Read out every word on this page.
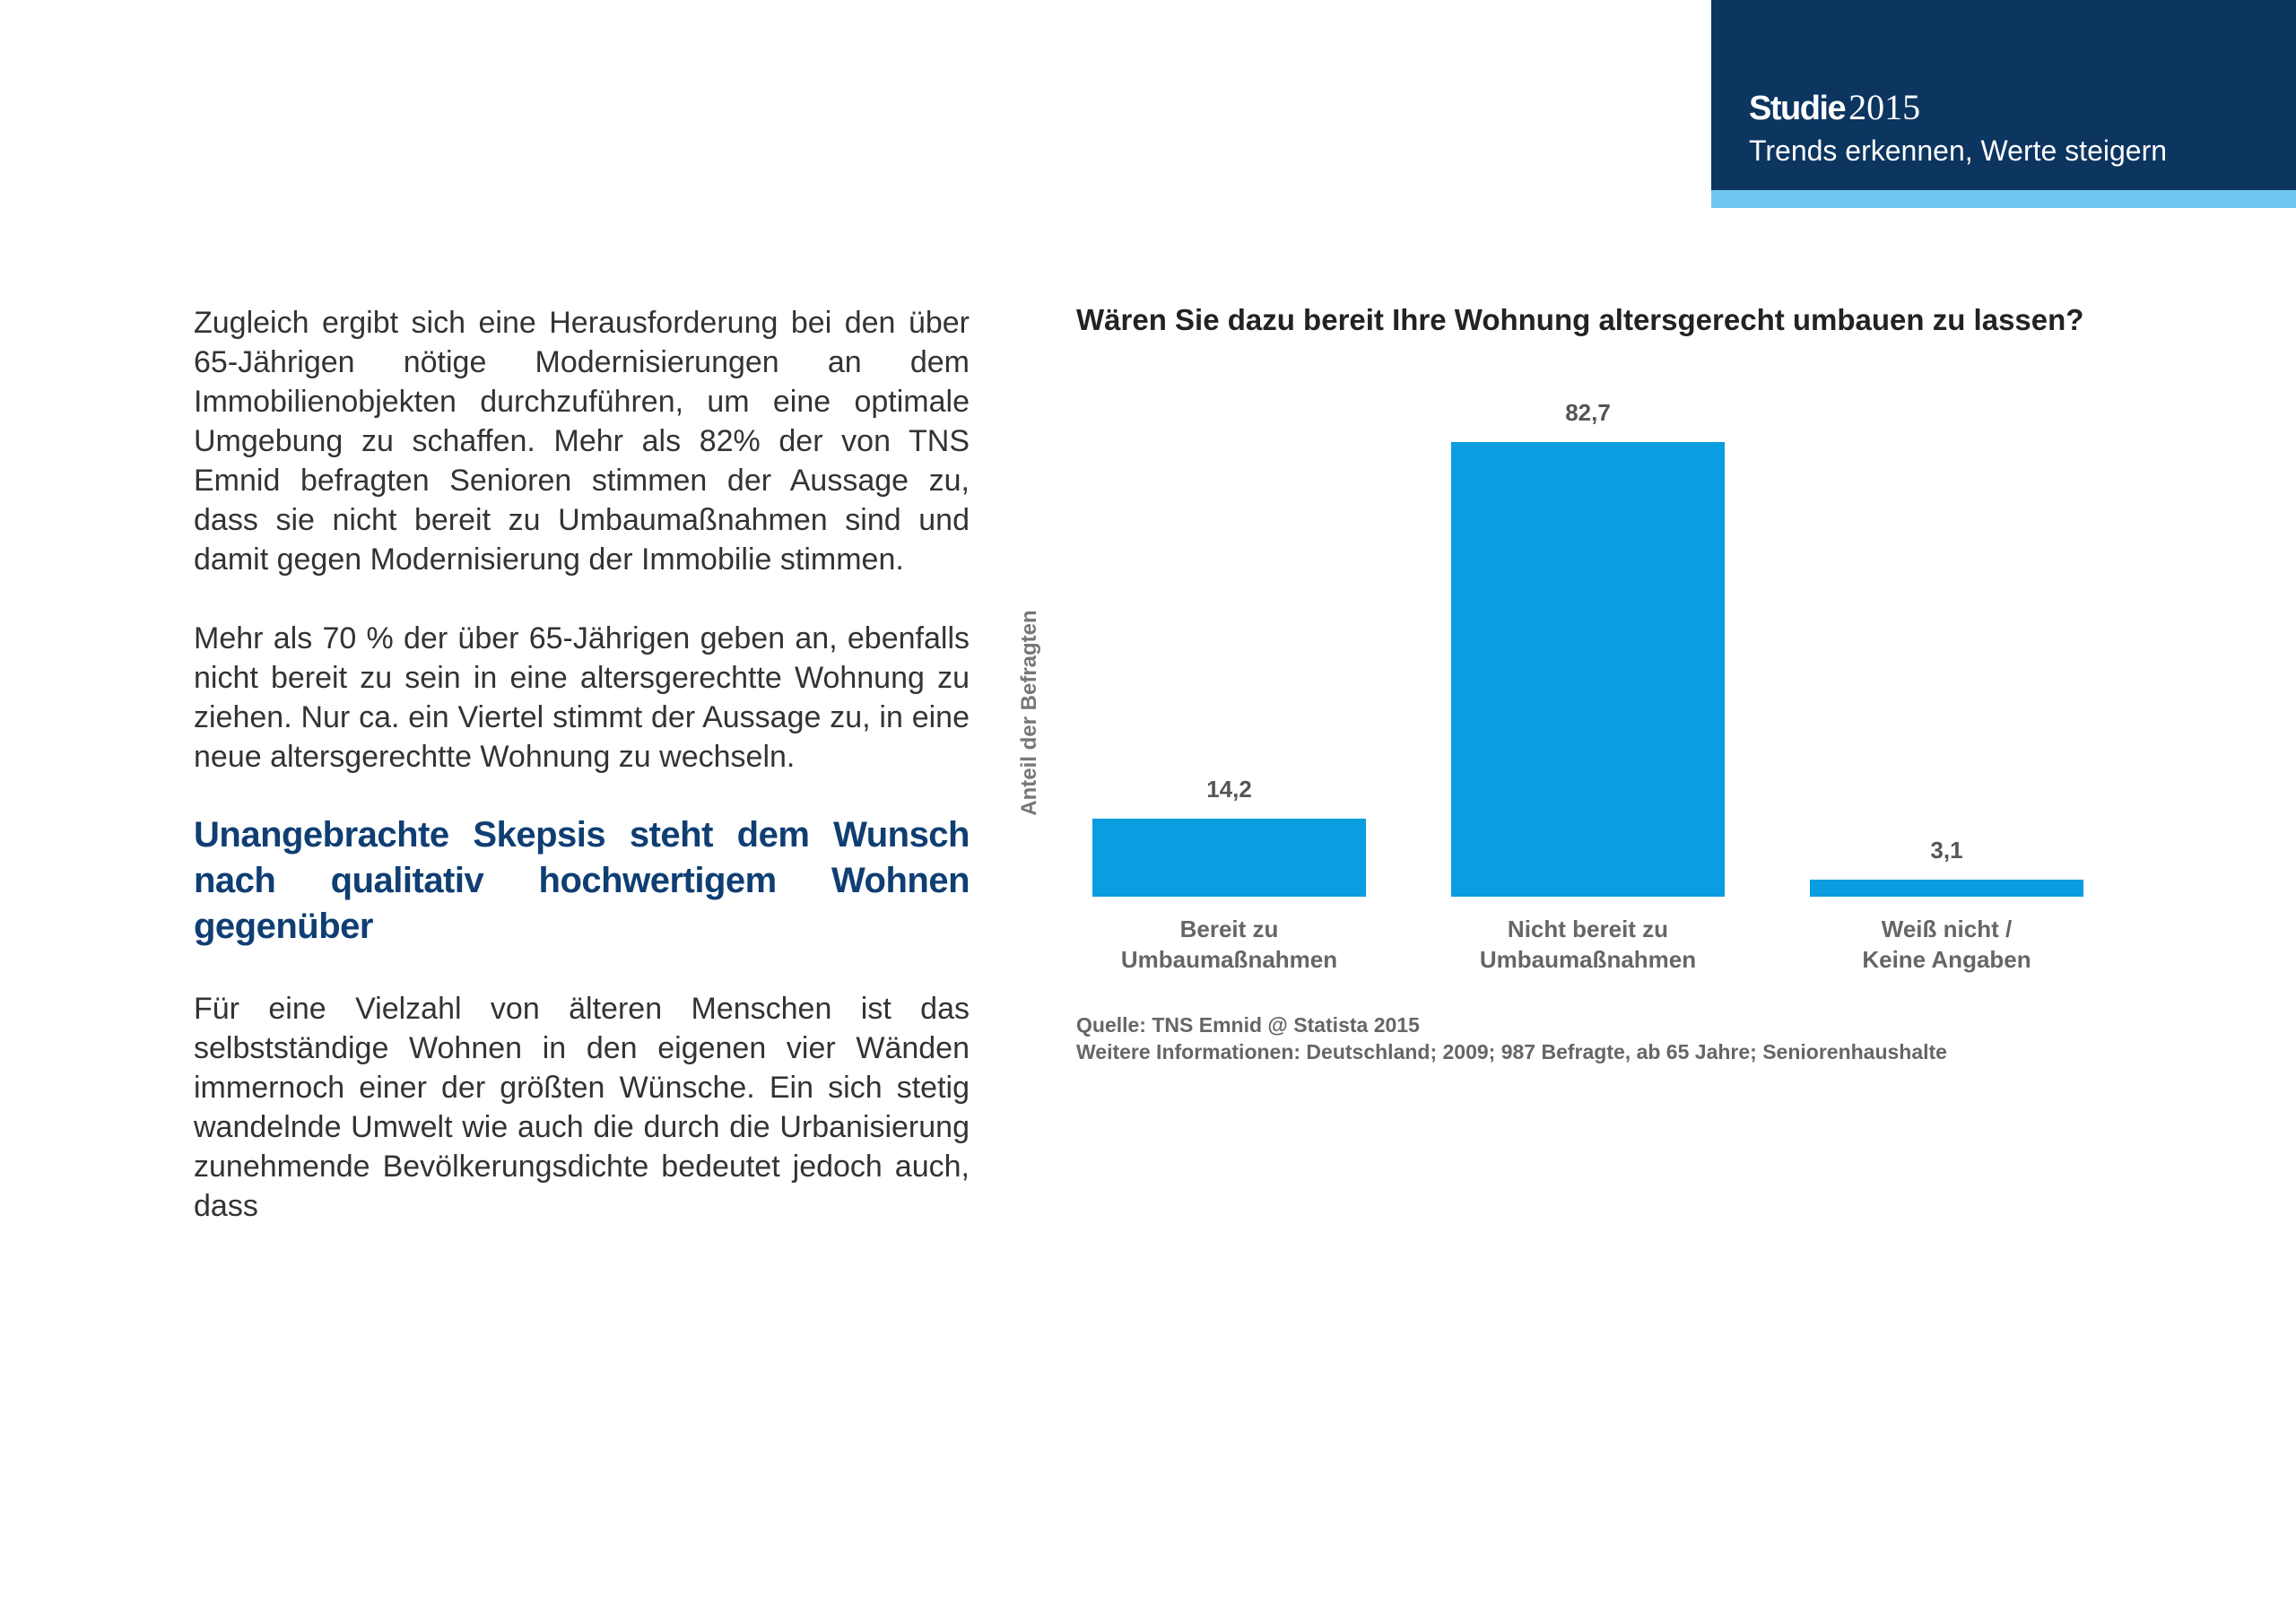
Studie 2015
Trends erkennen, Werte steigern

Zugleich ergibt sich eine Herausforderung bei den über 65-Jährigen nötige Modernisierungen an dem Immobilienobjekten durchzuführen, um eine optimale Umgebung zu schaffen. Mehr als 82% der von TNS Emnid befragten Senioren stimmen der Aussage zu, dass sie nicht bereit zu Umbaumaßnahmen sind und damit gegen Modernisierung der Immobilie stimmen.

Mehr als 70 % der über 65-Jährigen geben an, ebenfalls nicht bereit zu sein in eine altersgerechtte Wohnung zu ziehen. Nur ca. ein Viertel stimmt der Aussage zu, in eine neue altersgerechtte Wohnung zu wechseln.

Unangebrachte Skepsis steht dem Wunsch nach qualitativ hochwertigem Wohnen gegenüber

Für eine Vielzahl von älteren Menschen ist das selbstständige Wohnen in den eigenen vier Wänden immernoch einer der größten Wünsche. Ein sich stetig wandelnde Umwelt wie auch die durch die Urbanisierung zunehmende Bevölkerungsdichte bedeutet jedoch auch, dass

Wären Sie dazu bereit Ihre Wohnung altersgerecht umbauen zu lassen?
14,2
Bereit zu
Umbaumaßnahmen
82,7
Nicht bereit zu
Umbaumaßnahmen
3,1
Weiß nicht /
Keine Angaben
Anteil der Befragten
Quelle: TNS Emnid @ Statista 2015
Weitere Informationen: Deutschland; 2009; 987 Befragte, ab 65 Jahre; Seniorenhaushalte
